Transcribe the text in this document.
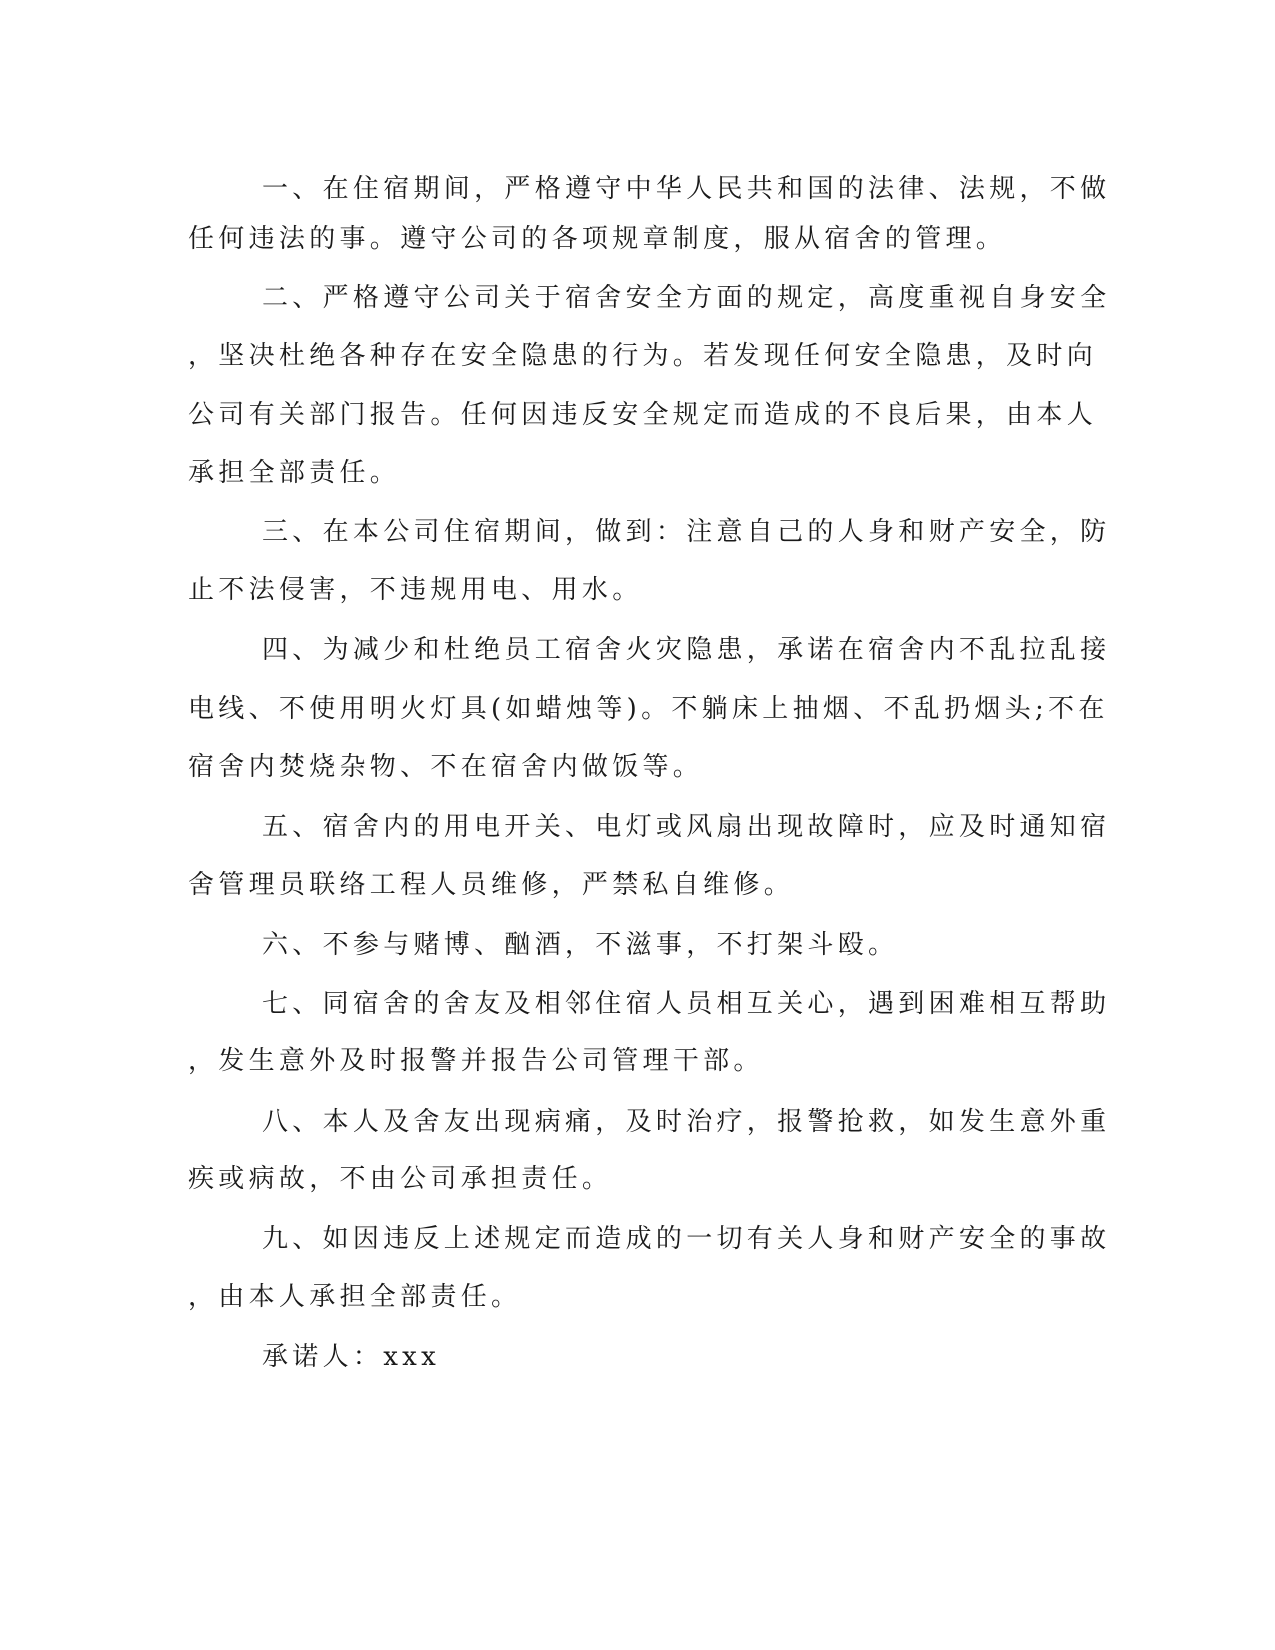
一、在住宿期间，严格遵守中华人民共和国的法律、法规，不做
任何违法的事。遵守公司的各项规章制度，服从宿舍的管理。
二、严格遵守公司关于宿舍安全方面的规定，高度重视自身安全
，坚决杜绝各种存在安全隐患的行为。若发现任何安全隐患，及时向
公司有关部门报告。任何因违反安全规定而造成的不良后果，由本人
承担全部责任。
三、在本公司住宿期间，做到：注意自己的人身和财产安全，防
止不法侵害，不违规用电、用水。
四、为减少和杜绝员工宿舍火灾隐患，承诺在宿舍内不乱拉乱接
电线、不使用明火灯具(如蜡烛等)。不躺床上抽烟、不乱扔烟头;不在
宿舍内焚烧杂物、不在宿舍内做饭等。
五、宿舍内的用电开关、电灯或风扇出现故障时，应及时通知宿
舍管理员联络工程人员维修，严禁私自维修。
六、不参与赌博、酗酒，不滋事，不打架斗殴。
七、同宿舍的舍友及相邻住宿人员相互关心，遇到困难相互帮助
，发生意外及时报警并报告公司管理干部。
八、本人及舍友出现病痛，及时治疗，报警抢救，如发生意外重
疾或病故，不由公司承担责任。
九、如因违反上述规定而造成的一切有关人身和财产安全的事故
，由本人承担全部责任。
承诺人：xxx
